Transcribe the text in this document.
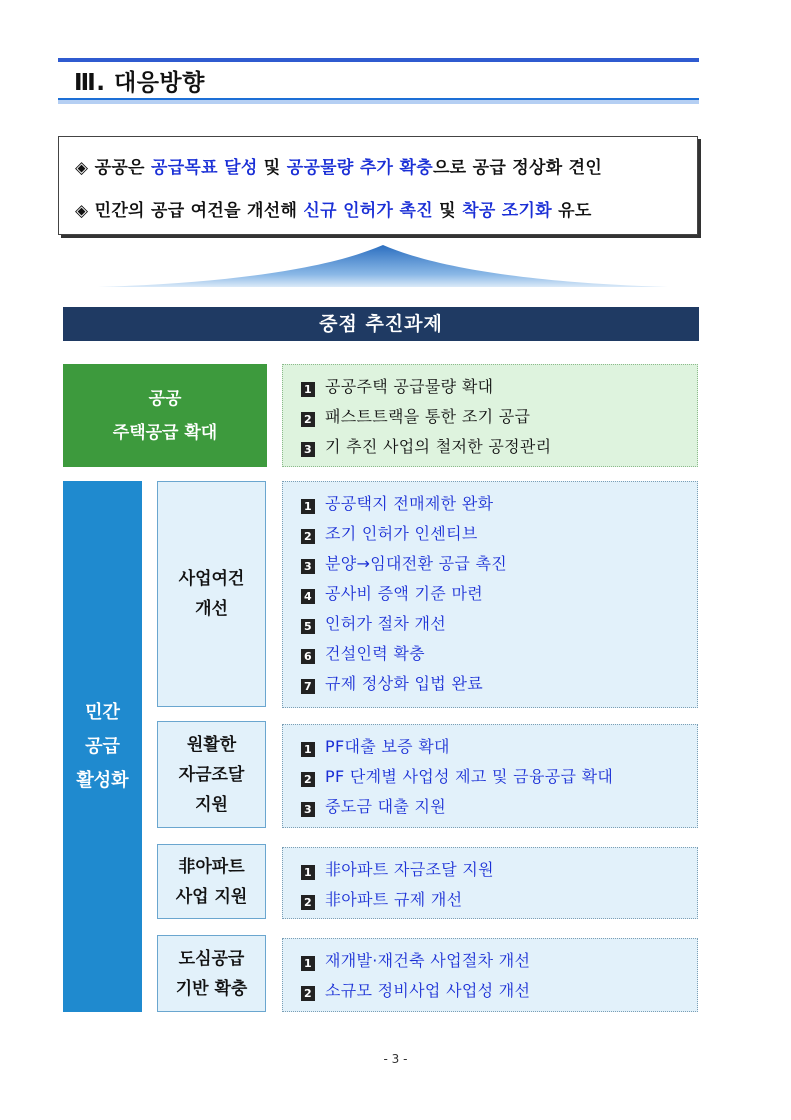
Ⅲ. 대응방향
◈ 공공은 공급목표 달성 및 공공물량 추가 확충으로 공급 정상화 견인
◈ 민간의 공급 여건을 개선해 신규 인허가 촉진 및 착공 조기화 유도
중점 추진과제
공공
주택공급 확대
1 공공주택 공급물량 확대
2 패스트트랙을 통한 조기 공급
3 기 추진 사업의 철저한 공정관리
민간
공급
활성화
사업여건
개선
1 공공택지 전매제한 완화
2 조기 인허가 인센티브
3 분양→임대전환 공급 촉진
4 공사비 증액 기준 마련
5 인허가 절차 개선
6 건설인력 확충
7 규제 정상화 입법 완료
원활한
자금조달
지원
1 PF대출 보증 확대
2 PF 단계별 사업성 제고 및 금융공급 확대
3 중도금 대출 지원
非아파트
사업 지원
1 非아파트 자금조달 지원
2 非아파트 규제 개선
도심공급
기반 확충
1 재개발·재건축 사업절차 개선
2 소규모 정비사업 사업성 개선
- 3 -
